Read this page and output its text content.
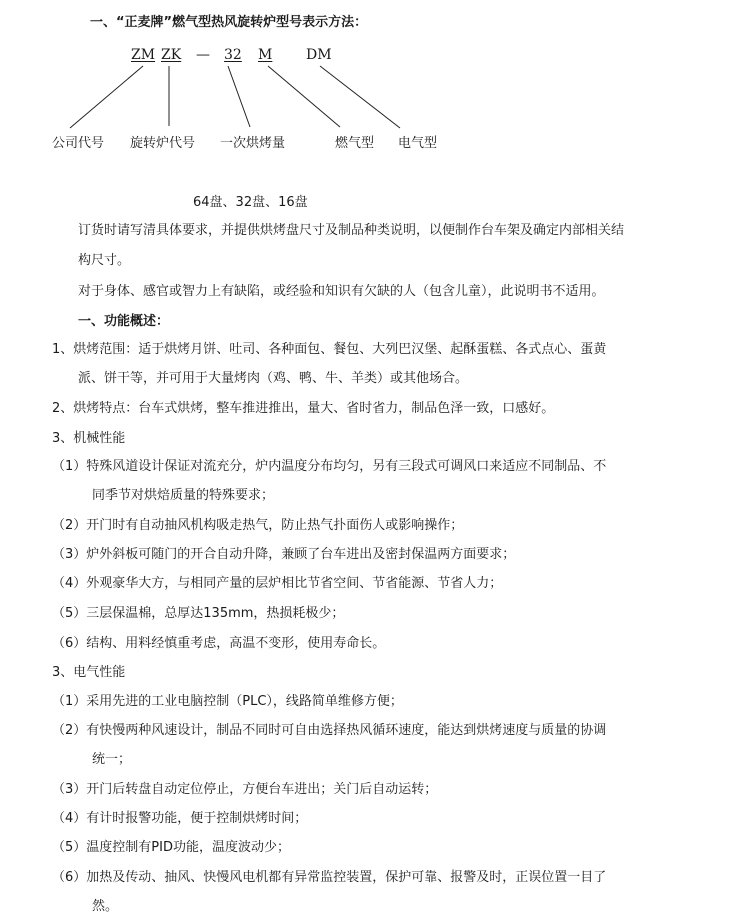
一、“正麦牌”燃气型热风旋转炉型号表示方法：
ZM ZK — 32 M DM
公司代号 旋转炉代号 一次烘烤量	燃气型 电气型
64盘、32盘、16盘
订货时请写清具体要求，并提供烘烤盘尺寸及制品种类说明，以便制作台车架及确定内部相关结
构尺寸。
对于身体、感官或智力上有缺陷，或经验和知识有欠缺的人（包含儿童），此说明书不适用。
一、功能概述：
1、烘烤范围：适于烘烤月饼、吐司、各种面包、餐包、大列巴汉堡、起酥蛋糕、各式点心、蛋黄
派、饼干等，并可用于大量烤肉（鸡、鸭、牛、羊类）或其他场合。
2、烘烤特点：台车式烘烤，整车推进推出，量大、省时省力，制品色泽一致，口感好。
3、机械性能
（1）特殊风道设计保证对流充分，炉内温度分布均匀，另有三段式可调风口来适应不同制品、不
同季节对烘焙质量的特殊要求；
（2）开门时有自动抽风机构吸走热气，防止热气扑面伤人或影响操作；
（3）炉外斜板可随门的开合自动升降，兼顾了台车进出及密封保温两方面要求；
（4）外观豪华大方，与相同产量的层炉相比节省空间、节省能源、节省人力；
（5）三层保温棉，总厚达135mm，热损耗极少；
（6）结构、用料经慎重考虑，高温不变形，使用寿命长。
3、电气性能
（1）采用先进的工业电脑控制（PLC），线路简单维修方便；
（2）有快慢两种风速设计，制品不同时可自由选择热风循环速度，能达到烘烤速度与质量的协调
统一；
（3）开门后转盘自动定位停止，方便台车进出；关门后自动运转；
（4）有计时报警功能，便于控制烘烤时间；
（5）温度控制有PID功能，温度波动少；
（6）加热及传动、抽风、快慢风电机都有异常监控装置，保护可靠、报警及时，正误位置一目了
然。
